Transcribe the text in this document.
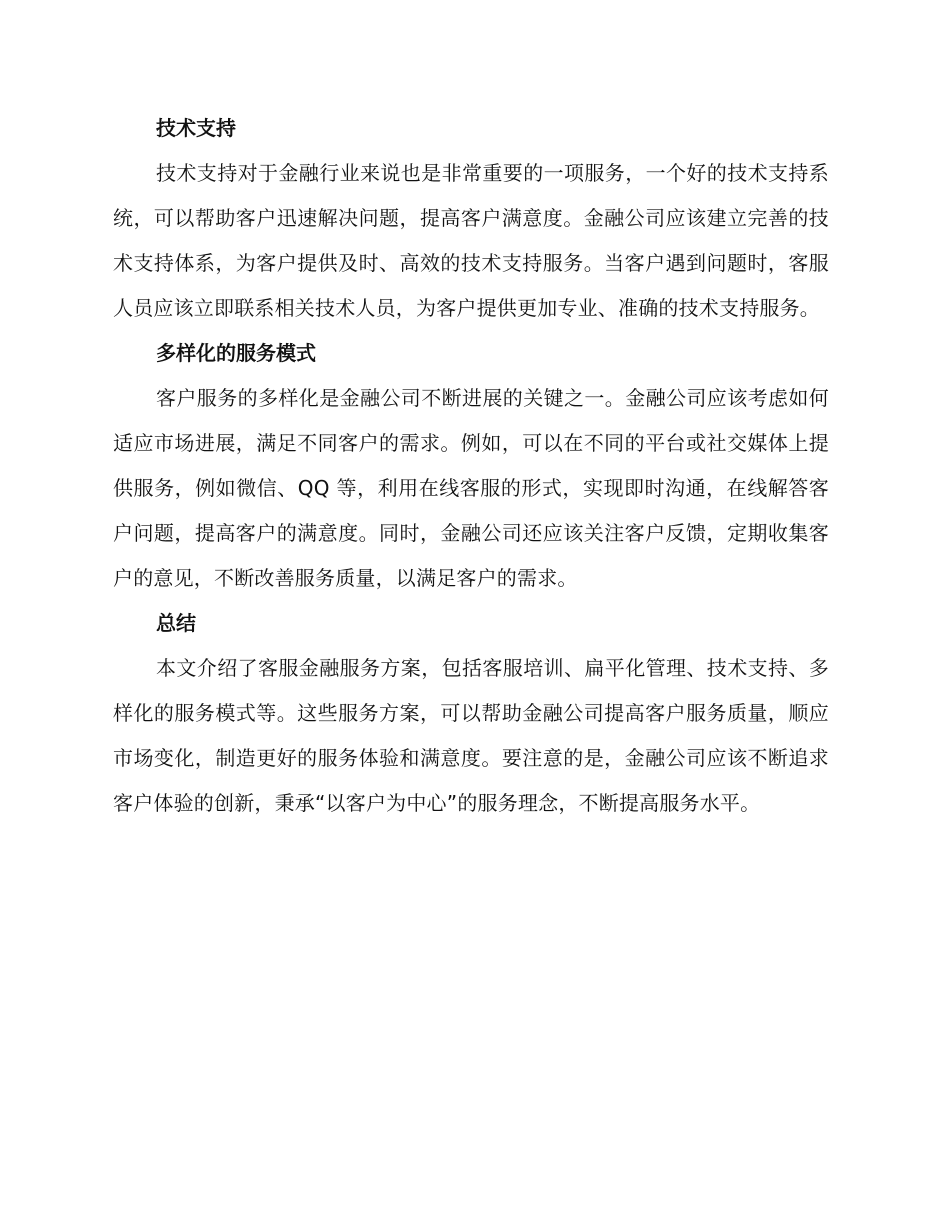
技术支持

技术支持对于金融行业来说也是非常重要的一项服务，一个好的技术支持系统，可以帮助客户迅速解决问题，提高客户满意度。金融公司应该建立完善的技术支持体系，为客户提供及时、高效的技术支持服务。当客户遇到问题时，客服人员应该立即联系相关技术人员，为客户提供更加专业、准确的技术支持服务。

多样化的服务模式

客户服务的多样化是金融公司不断进展的关键之一。金融公司应该考虑如何适应市场进展，满足不同客户的需求。例如，可以在不同的平台或社交媒体上提供服务，例如微信、QQ 等，利用在线客服的形式，实现即时沟通，在线解答客户问题，提高客户的满意度。同时，金融公司还应该关注客户反馈，定期收集客户的意见，不断改善服务质量，以满足客户的需求。

总结

本文介绍了客服金融服务方案，包括客服培训、扁平化管理、技术支持、多样化的服务模式等。这些服务方案，可以帮助金融公司提高客户服务质量，顺应市场变化，制造更好的服务体验和满意度。要注意的是，金融公司应该不断追求客户体验的创新，秉承“以客户为中心”的服务理念，不断提高服务水平。
